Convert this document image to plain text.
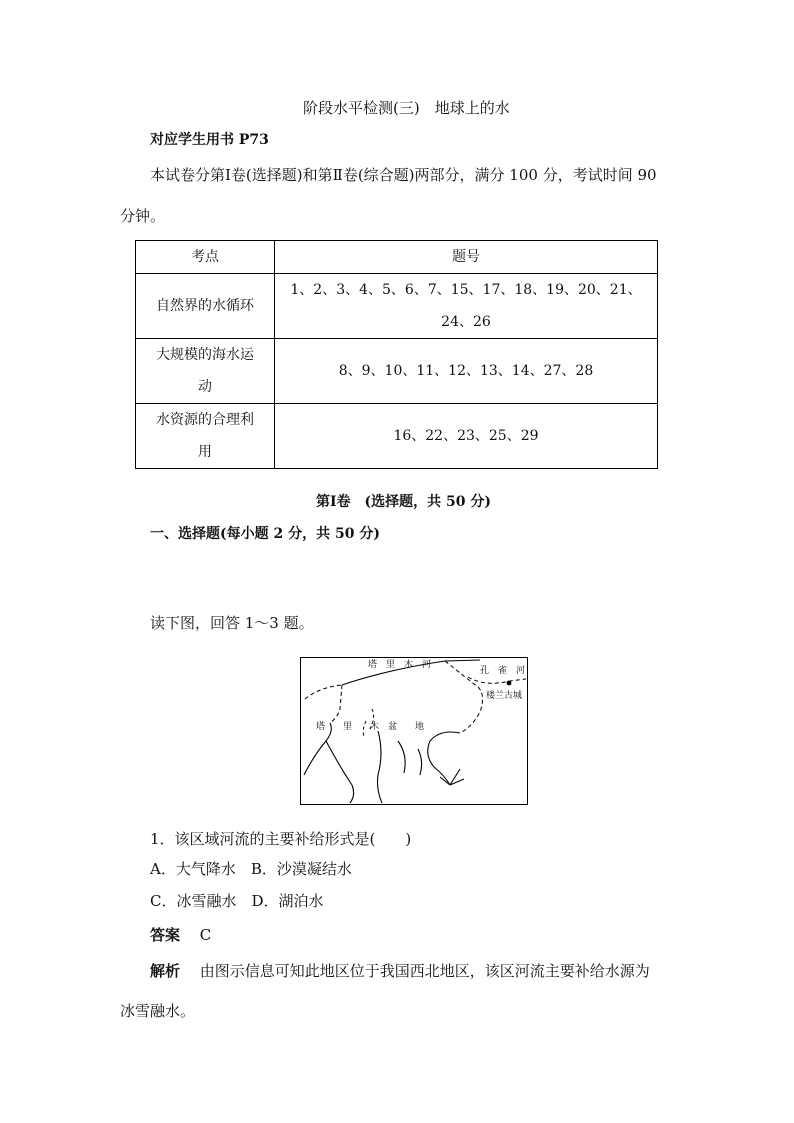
阶段水平检测(三)　地球上的水
对应学生用书 P73
本试卷分第Ⅰ卷(选择题)和第Ⅱ卷(综合题)两部分，满分 100 分，考试时间 90
分钟。
考点	题号
自然界的水循环	1、2、3、4、5、6、7、15、17、18、19、20、21、
24、26

大规模的海水运
动	8、9、10、11、12、13、14、27、28

水资源的合理利
用	16、22、23、25、29
第Ⅰ卷　(选择题，共 50 分)
一、选择题(每小题 2 分，共 50 分)
读下图，回答 1～3 题。
塔　里　木　河
孔　雀　河
楼兰古城
塔　　里　　木　盆　　地
1．该区域河流的主要补给形式是(　　)
A．大气降水　B．沙漠凝结水
C．冰雪融水　D．湖泊水
答案　 C
解析　 由图示信息可知此地区位于我国西北地区，该区河流主要补给水源为
冰雪融水。
